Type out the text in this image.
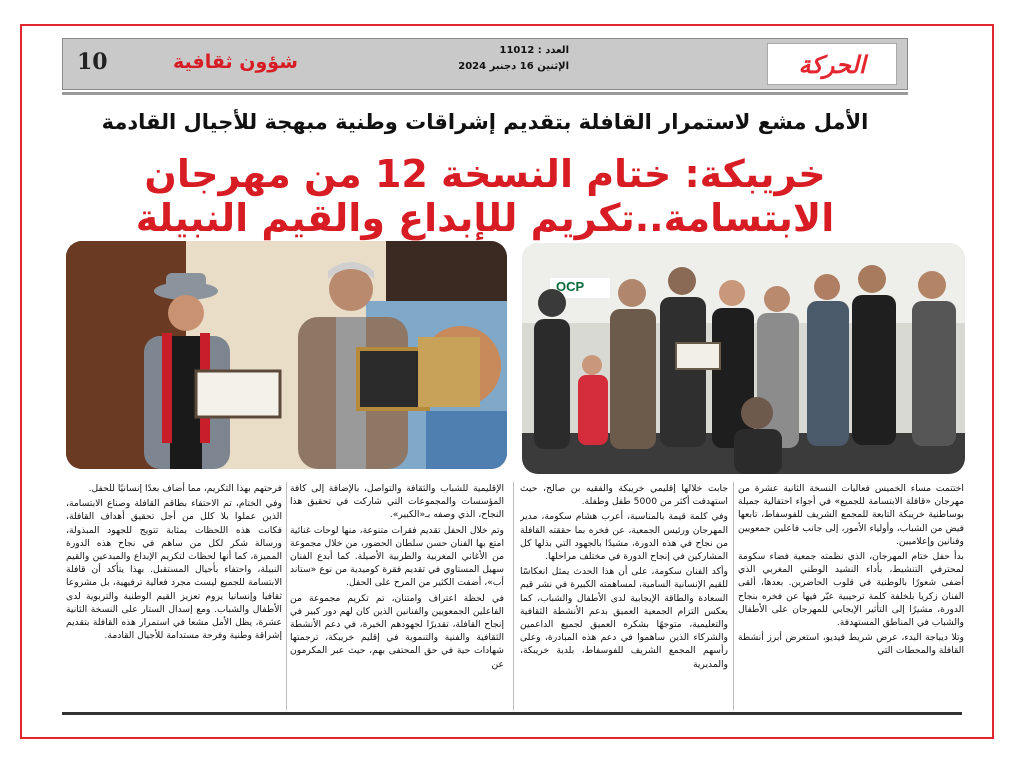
10	شؤون ثقافية
العدد : 11012
الإثنين 16 دجنبر 2024	الحركة
الأمل مشع لاستمرار القافلة بتقديم إشراقات وطنية مبهجة للأجيال القادمة
خريبكة: ختام النسخة 12 من مهرجان الابتسامة..تكريم للإبداع والقيم النبيلة
OCP

اختتمت مساء الخميس فعاليات النسخة الثانية عشرة من مهرجان «قافلة الابتسامة للجميع» في أجواء احتفالية جميلة بوساطنية خريبكة التابعة للمجمع الشريف للفوسفاط، تابعها فيض من الشباب، وأولياء الأمور، إلى جانب فاعلين جمعويين وفنانين وإعلاميين.

بدأ حفل ختام المهرجان، الذي نظمته جمعية فضاء سكومة لمحترفي التنشيط، بأداء النشيد الوطني المغربي الذي أضفى شعورًا بالوطنية في قلوب الحاضرين. بعدها، ألقى الفنان زكريا بلخلفة كلمة ترحيبية عبّر فيها عن فخره بنجاح الدورة، مشيرًا إلى التأثير الإيجابي للمهرجان على الأطفال والشباب في المناطق المستهدفة.

وتلا ديباجة البدء، عرض شريط فيديو، استعرض أبرز أنشطة القافلة والمحطات التي

جابت خلالها إقليمي خريبكة والفقيه بن صالح، حيث استهدفت أكثر من 5000 طفل وطفلة.

وفي كلمة قيمة بالمناسبة، أعرب هشام سكومة، مدير المهرجان ورئيس الجمعية، عن فخره بما حققته القافلة من نجاح في هذه الدورة، مشيدًا بالجهود التي بذلها كل المشاركين في إنجاح الدورة في مختلف مراحلها.

وأكد الفنان سكومة، على أن هذا الحدث يمثل انعكاسًا للقيم الإنسانية السامية، لمساهمته الكبيرة في نشر قيم السعادة والطاقة الإيجابية لدى الأطفال والشباب، كما يعكس التزام الجمعية العميق بدعم الأنشطة الثقافية والتعليمية، متوجهًا بشكره العميق لجميع الداعمين والشركاء الذين ساهموا في دعم هذه المبادرة، وعلى رأسهم المجمع الشريف للفوسفاط، بلدية خريبكة، والمديرية

الإقليمية للشباب والثقافة والتواصل، بالإضافة إلى كافة المؤسسات والمجموعات التي شاركت في تحقيق هذا النجاح، الذي وصفه بـ«الكبير».

وتم خلال الحفل تقديم فقرات متنوعة، منها لوحات غنائية امتع بها الفنان حسن سلطان الحضور، من خلال مجموعة من الأغاني المغربية والطربية الأصيلة. كما أبدع الفنان سهيل المستاوي في تقديم فقرة كوميدية من نوع «ستاند أب»، أضفت الكثير من المرح على الحفل.

في لحظة اعتراف وامتنان، تم تكريم مجموعة من الفاعلين الجمعويين والفنانين الذين كان لهم دور كبير في إنجاح القافلة، تقديرًا لجهودهم الخيرة، في دعم الأنشطة الثقافية والفنية والتنموية في إقليم خريبكة، ترجمتها شهادات حية في حق المحتفى بهم، حيث عبر المكرمون عن

فرحتهم بهذا التكريم، مما أضاف بعدًا إنسانيًا للحفل.

وفي الختام، تم الاحتفاء بطاقم القافلة وصناع الابتسامة، الذين عملوا بلا كلل من أجل تحقيق أهداف القافلة، فكانت هذه اللحظات بمثابة تتويج للجهود المبذولة، ورسالة شكر لكل من ساهم في نجاح هذه الدورة المميزة، كما أنها لحظات لتكريم الإبداع والمبدعين والقيم النبيلة، واحتفاء بأجيال المستقبل. بهذا يتأكد أن قافلة الابتسامة للجميع ليست مجرد فعالية ترفيهية، بل مشروعا ثقافيا وإنسانيا يروم تعزيز القيم الوطنية والتربوية لدى الأطفال والشباب. ومع إسدال الستار على النسخة الثانية عشرة، يظل الأمل مشعا في استمرار هذه القافلة بتقديم إشراقة وطنية وفرحة مستدامة للأجيال القادمة.
